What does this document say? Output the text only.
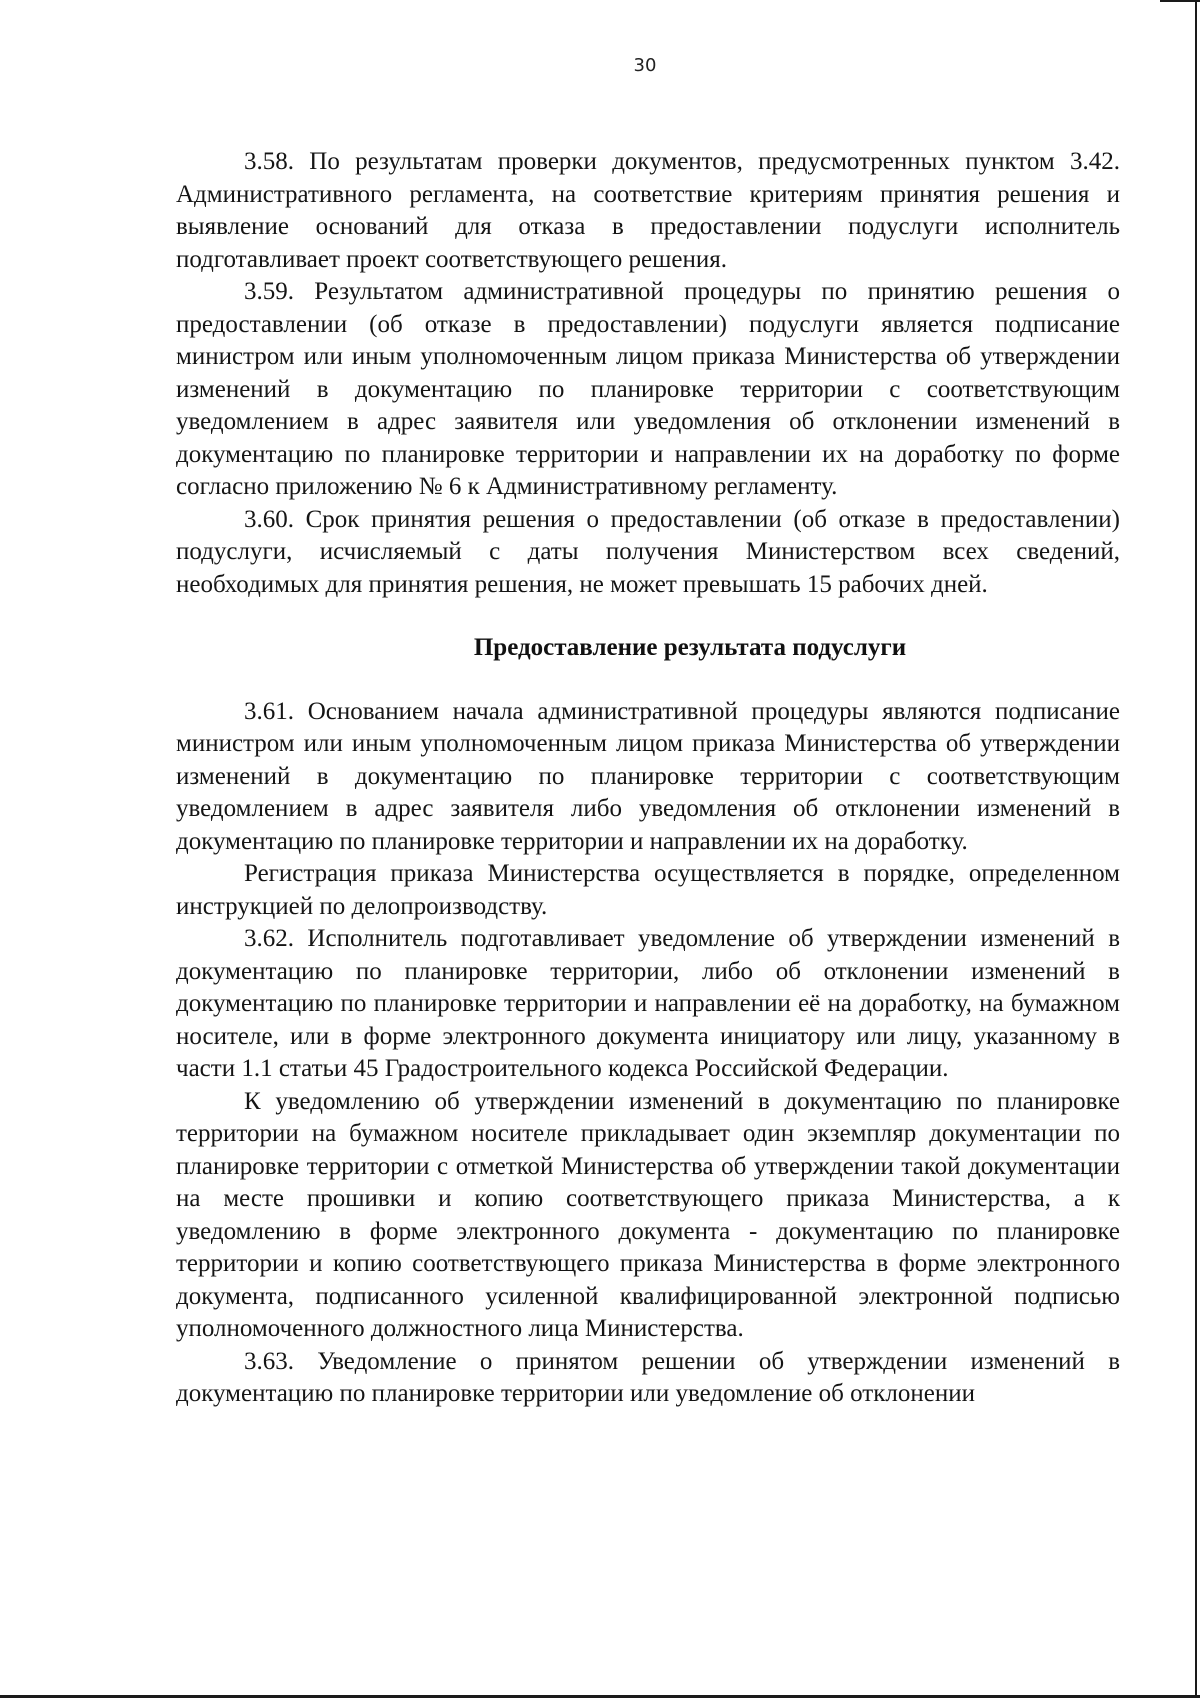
30

3.58. По результатам проверки документов, предусмотренных пунктом 3.42. Административного регламента, на соответствие критериям принятия решения и выявление оснований для отказа в предоставлении подуслуги исполнитель подготавливает проект соответствующего решения.

3.59. Результатом административной процедуры по принятию решения о предоставлении (об отказе в предоставлении) подуслуги является подписание министром или иным уполномоченным лицом приказа Министерства об утверждении изменений в документацию по планировке территории с соответствующим уведомлением в адрес заявителя или уведомления об отклонении изменений в документацию по планировке территории и направлении их на доработку по форме согласно приложению № 6 к Административному регламенту.

3.60. Срок принятия решения о предоставлении (об отказе в предоставлении) подуслуги, исчисляемый с даты получения Министерством всех сведений, необходимых для принятия решения, не может превышать 15 рабочих дней.

Предоставление результата подуслуги

3.61. Основанием начала административной процедуры являются подписание министром или иным уполномоченным лицом приказа Министерства об утверждении изменений в документацию по планировке территории с соответствующим уведомлением в адрес заявителя либо уведомления об отклонении изменений в документацию по планировке территории и направлении их на доработку.

Регистрация приказа Министерства осуществляется в порядке, определенном инструкцией по делопроизводству.

3.62. Исполнитель подготавливает уведомление об утверждении изменений в документацию по планировке территории, либо об отклонении изменений в документацию по планировке территории и направлении её на доработку, на бумажном носителе, или в форме электронного документа инициатору или лицу, указанному в части 1.1 статьи 45 Градостроительного кодекса Российской Федерации.

К уведомлению об утверждении изменений в документацию по планировке территории на бумажном носителе прикладывает один экземпляр документации по планировке территории с отметкой Министерства об утверждении такой документации на месте прошивки и копию соответствующего приказа Министерства, а к уведомлению в форме электронного документа - документацию по планировке территории и копию соответствующего приказа Министерства в форме электронного документа, подписанного усиленной квалифицированной электронной подписью уполномоченного должностного лица Министерства.

3.63. Уведомление о принятом решении об утверждении изменений в документацию по планировке территории или уведомление об отклонении
